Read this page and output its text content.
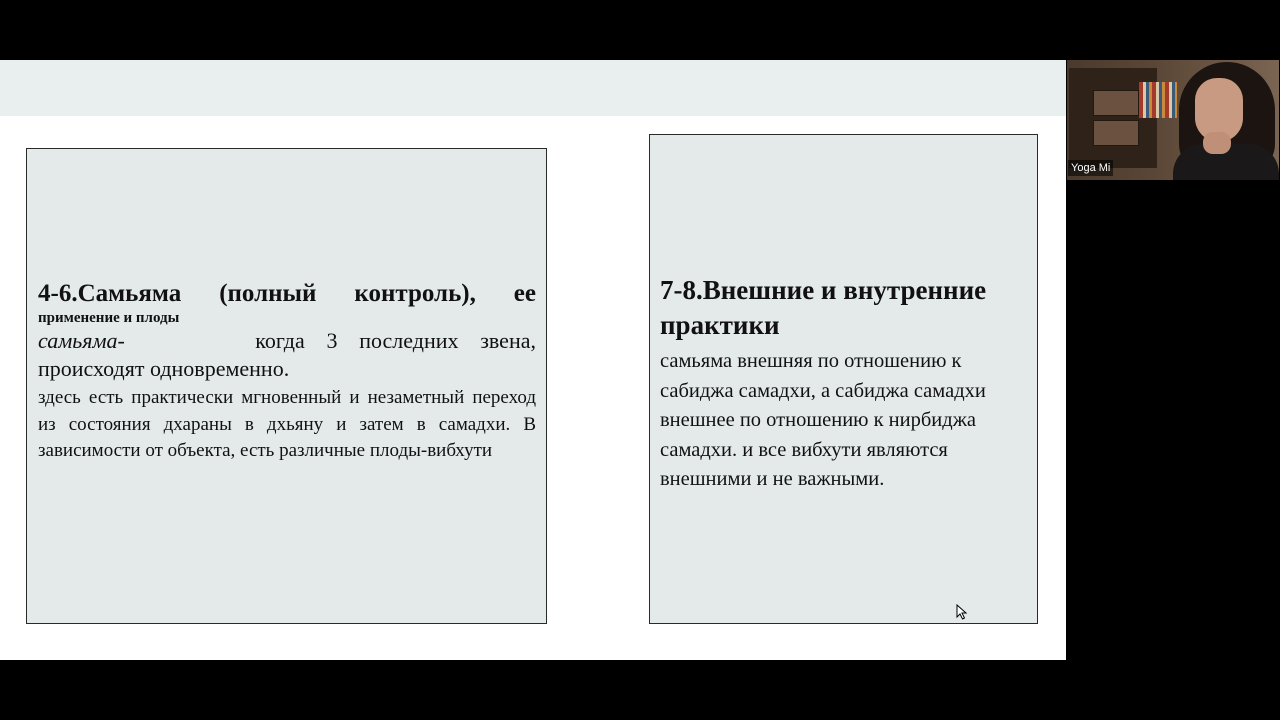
4-6.Самьяма (полный контроль), ее

применение и плоды

самьяма-	когда 3 последних звена,
происходят одновременно.

здесь есть практически мгновенный и незаметный переход из состояния дхараны в дхьяну и затем в самадхи. В зависимости от объекта, есть различные плоды-вибхути

7-8.Внешние и внутренние практики

самьяма внешняя по отношению к сабиджа самадхи, а сабиджа самадхи внешнее по отношению к нирбиджа самадхи. и все вибхути являются внешними и не важными.

Yoga Mi
